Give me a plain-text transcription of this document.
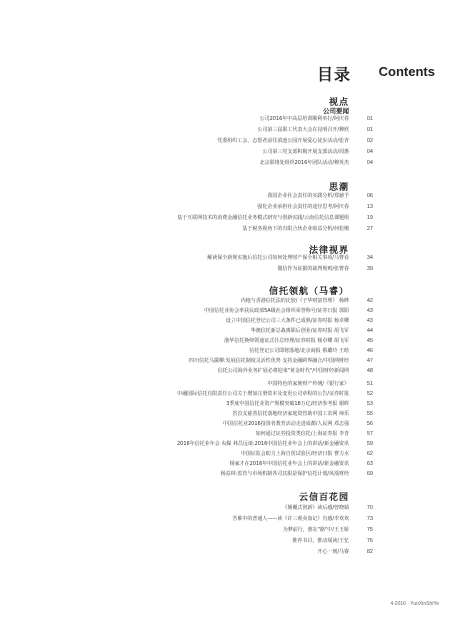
目录 Contents
视点
公司要闻
公司2016年中高层培训顺利举行/阿庆春	01
公司第三届职工代表大会在昆明召开/穆欣	01
党委组织工会、志愿者前往滇池公园开展爱心徒步活动/张青	02
公司第三党支部积极开展支部活动/周惠	04
北京联络处组织2016年团队活动/穆英杰	04
思潮
我国企业社会责任的实践分析/郑徳予	06
强化企业承担社会责任的途径思考/阿庆春	13
基于互联网技术的消费金融信托业务模式研究与创新实践/云南信托信息课题组	19
基于税务视角下的有限合伙企业收益分析/何松檀	27
法律视界
解读保全新规实施后信托公司如何处理财产保全相关事项/马曹看	34
微信作为证据的裁判规则/张曹春	39
信托领航（马睿）
内地与香港信托法的比较/《子华财富管理》 杨晔	42
中国信托业协会率获民政部5A级社会组织荣誉称号/证券日报 郭阳	43
设立中国信托登记公司三大条件已成熟/证券时报 杨卓卿	43
华澳信托新总裁离职后创业/证券时报 胡飞军	44
渤华信托换帅领通证式任总经理/证券时报 杨卓卿 胡飞军	45
信托登记公司即将落地/北京商报 蔡璐玲 王晗	46
四川信托马援柳:发展信托制度灵活性优势 支持金融跨界融合/中国网财经	47
信托公司海外业务扩展必将迎来"黄金时代"/中国财经新闻网	48
中国特色的家族财产传统/《银行家》	51
中融国际信托有限责任公司关于增加注册资本及变更公司章程的公告/证券时报	52
3季度中国信托业资产规模突破18万亿/经济参考报 谢晖	53
省首支慈善信托落地经济家庭资管助中国工农网 师乐	55
中国信托业2016投资者教育活动走进成都/人民网 邓志强	56
如何通过证券投资类信托/上海证券报 李青	57
2016年信托业年会 央媒 林昌远谈:2016中国信托业年会上的讲话/新金融资讯	59
中国证监会助力上海自贸试验区/经济日报 曹力水	62
杨家才在2016年中国信托业年会上的讲话/新金融资讯	63
杨益林:监管与市场机制各司其职是保护信托计划/凤凰财经	69
云信百花园
《颠覆式创新》读后感/曾晓婧	70
苦难中的普通人——读《许三观卖血记》有感/李欢欢	73
为梦前行，愈在"路"中/王玉娇	75
推荐书目，推动阅读/王忆	76
开心一刻/马睿	82
4·2016 · YunXinShiYe
